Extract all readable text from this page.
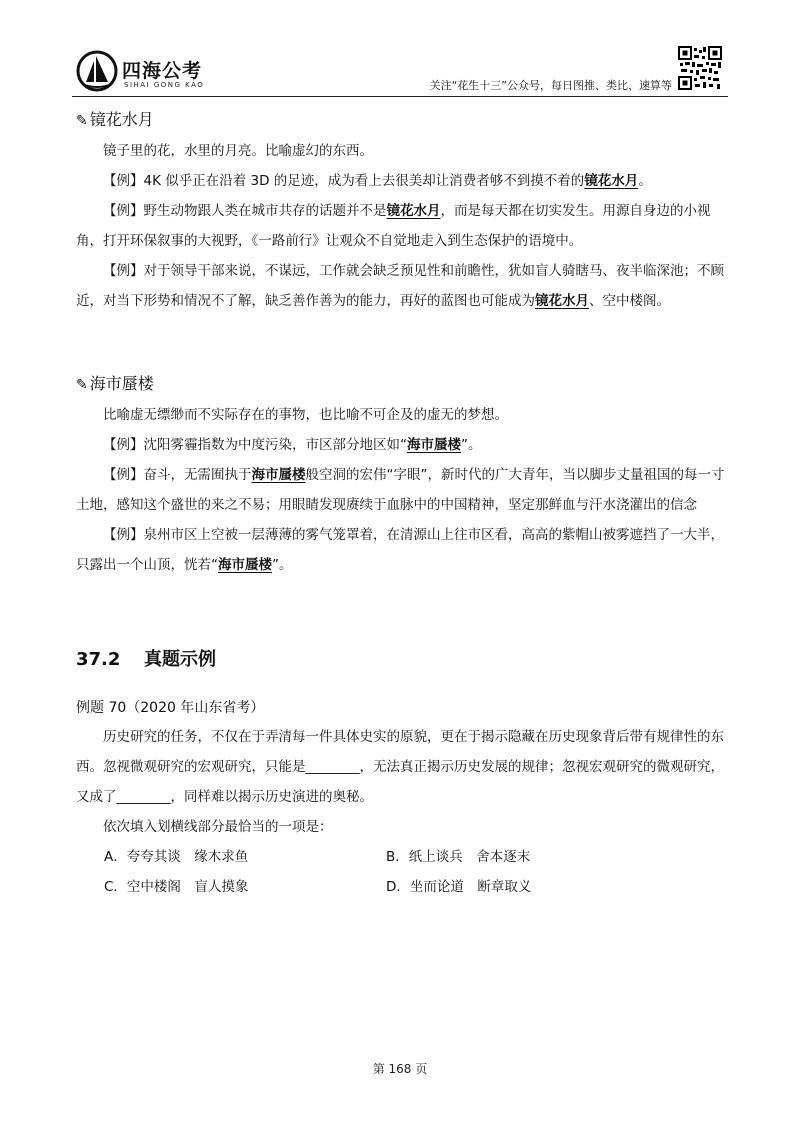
四海公考
SIHAI GONG KAO	关注“花生十三”公众号，每日图推、类比、速算等

✎ 镜花水月

镜子里的花，水里的月亮。比喻虚幻的东西。

【例】4K 似乎正在沿着 3D 的足迹，成为看上去很美却让消费者够不到摸不着的镜花水月。

【例】野生动物跟人类在城市共存的话题并不是镜花水月，而是每天都在切实发生。用源自身边的小视角，打开环保叙事的大视野，《一路前行》让观众不自觉地走入到生态保护的语境中。

【例】对于领导干部来说，不谋远，工作就会缺乏预见性和前瞻性，犹如盲人骑瞎马、夜半临深池；不顾近，对当下形势和情况不了解，缺乏善作善为的能力，再好的蓝图也可能成为镜花水月、空中楼阁。

✎ 海市蜃楼

比喻虚无缥缈而不实际存在的事物，也比喻不可企及的虚无的梦想。

【例】沈阳雾霾指数为中度污染，市区部分地区如“海市蜃楼”。

【例】奋斗，无需囿执于海市蜃楼般空洞的宏伟“字眼”，新时代的广大青年，当以脚步丈量祖国的每一寸土地，感知这个盛世的来之不易；用眼睛发现赓续于血脉中的中国精神，坚定那鲜血与汗水浇灌出的信念

【例】泉州市区上空被一层薄薄的雾气笼罩着，在清源山上往市区看，高高的紫帽山被雾遮挡了一大半，只露出一个山顶，恍若“海市蜃楼”。

37.2 真题示例

例题 70（2020 年山东省考）

历史研究的任务，不仅在于弄清每一件具体史实的原貌，更在于揭示隐藏在历史现象背后带有规律性的东西。忽视微观研究的宏观研究，只能是________，无法真正揭示历史发展的规律；忽视宏观研究的微观研究，又成了________，同样难以揭示历史演进的奥秘。

依次填入划横线部分最恰当的一项是：

A．夸夸其谈　缘木求鱼	B．纸上谈兵　舍本逐末
C．空中楼阁　盲人摸象	D．坐而论道　断章取义
第 168 页
